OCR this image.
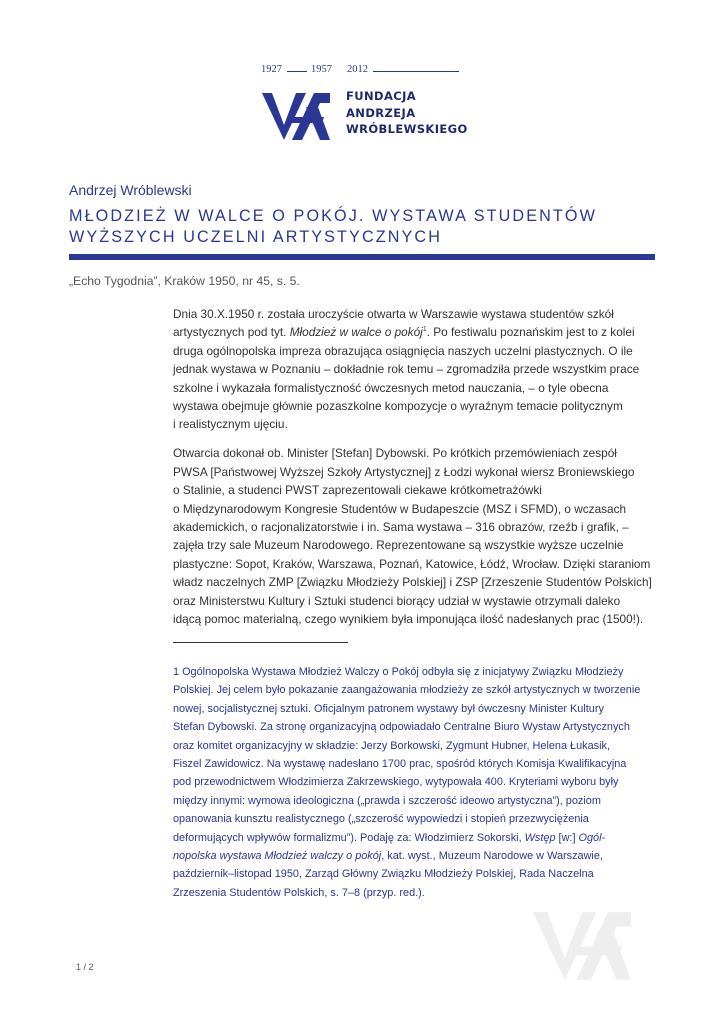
1927	1957 2012
FUNDACJA
ANDRZEJA
WRÓBLEWSKIEGO
Andrzej Wróblewski
MŁODZIEŻ W WALCE O POKÓJ. WYSTAWA STUDENTÓW
WYŻSZYCH UCZELNI ARTYSTYCZNYCH
„Echo Tygodnia”, Kraków 1950, nr 45, s. 5.
Dnia 30.X.1950 r. została uroczyście otwarta w Warszawie wystawa studentów szkół
artystycznych pod tyt. Młodzież w walce o pokój$^1$. Po festiwalu poznańskim jest to z kolei
druga ogólnopolska impreza obrazująca osiągnięcia naszych uczelni plastycznych. O ile
jednak wystawa w Poznaniu – dokładnie rok temu – zgromadziła przede wszystkim prace
szkolne i wykazała formalistyczność ówczesnych metod nauczania, – o tyle obecna
wystawa obejmuje głównie pozaszkolne kompozycje o wyraźnym temacie politycznym
i realistycznym ujęciu.
Otwarcia dokonał ob. Minister [Stefan] Dybowski. Po krótkich przemówieniach zespół
PWSA [Państwowej Wyższej Szkoły Artystycznej] z Łodzi wykonał wiersz Broniewskiego
o Stalinie, a studenci PWST zaprezentowali ciekawe krótkometrażówki
o Międzynarodowym Kongresie Studentów w Budapeszcie (MSZ i SFMD), o wczasach
akademickich, o racjonalizatorstwie i in. Sama wystawa – 316 obrazów, rzeźb i grafik, –
zajęła trzy sale Muzeum Narodowego. Reprezentowane są wszystkie wyższe uczelnie
plastyczne: Sopot, Kraków, Warszawa, Poznań, Katowice, Łódź, Wrocław. Dzięki staraniom
władz naczelnych ZMP [Związku Młodzieży Polskiej] i ZSP [Zrzeszenie Studentów Polskich]
oraz Ministerstwu Kultury i Sztuki studenci biorący udział w wystawie otrzymali daleko
idącą pomoc materialną, czego wynikiem była imponująca ilość nadesłanych prac (1500!).
1 Ogólnopolska Wystawa Młodzież Walczy o Pokój odbyła się z inicjatywy Związku Młodzieży
Polskiej. Jej celem było pokazanie zaangażowania młodzieży ze szkół artystycznych w tworzenie
nowej, socjalistycznej sztuki. Oficjalnym patronem wystawy był ówczesny Minister Kultury
Stefan Dybowski. Za stronę organizacyjną odpowiadało Centralne Biuro Wystaw Artystycznych
oraz komitet organizacyjny w składzie: Jerzy Borkowski, Zygmunt Hubner, Helena Łukasik,
Fiszel Zawidowicz. Na wystawę nadesłano 1700 prac, spośród których Komisja Kwalifikacyjna
pod przewodnictwem Włodzimierza Zakrzewskiego, wytypowała 400. Kryteriami wyboru były
między innymi: wymowa ideologiczna („prawda i szczerość ideowo artystyczna”), poziom
opanowania kunsztu realistycznego („szczerość wypowiedzi i stopień przezwyciężenia
deformujących wpływów formalizmu”). Podaję za: Włodzimierz Sokorski, Wstęp [w:] Ogól-
nopolska wystawa Młodzież walczy o pokój, kat. wyst., Muzeum Narodowe w Warszawie,
październik–listopad 1950, Zarząd Główny Związku Młodzieży Polskiej, Rada Naczelna
Zrzeszenia Studentów Polskich, s. 7–8 (przyp. red.).
1 / 2
